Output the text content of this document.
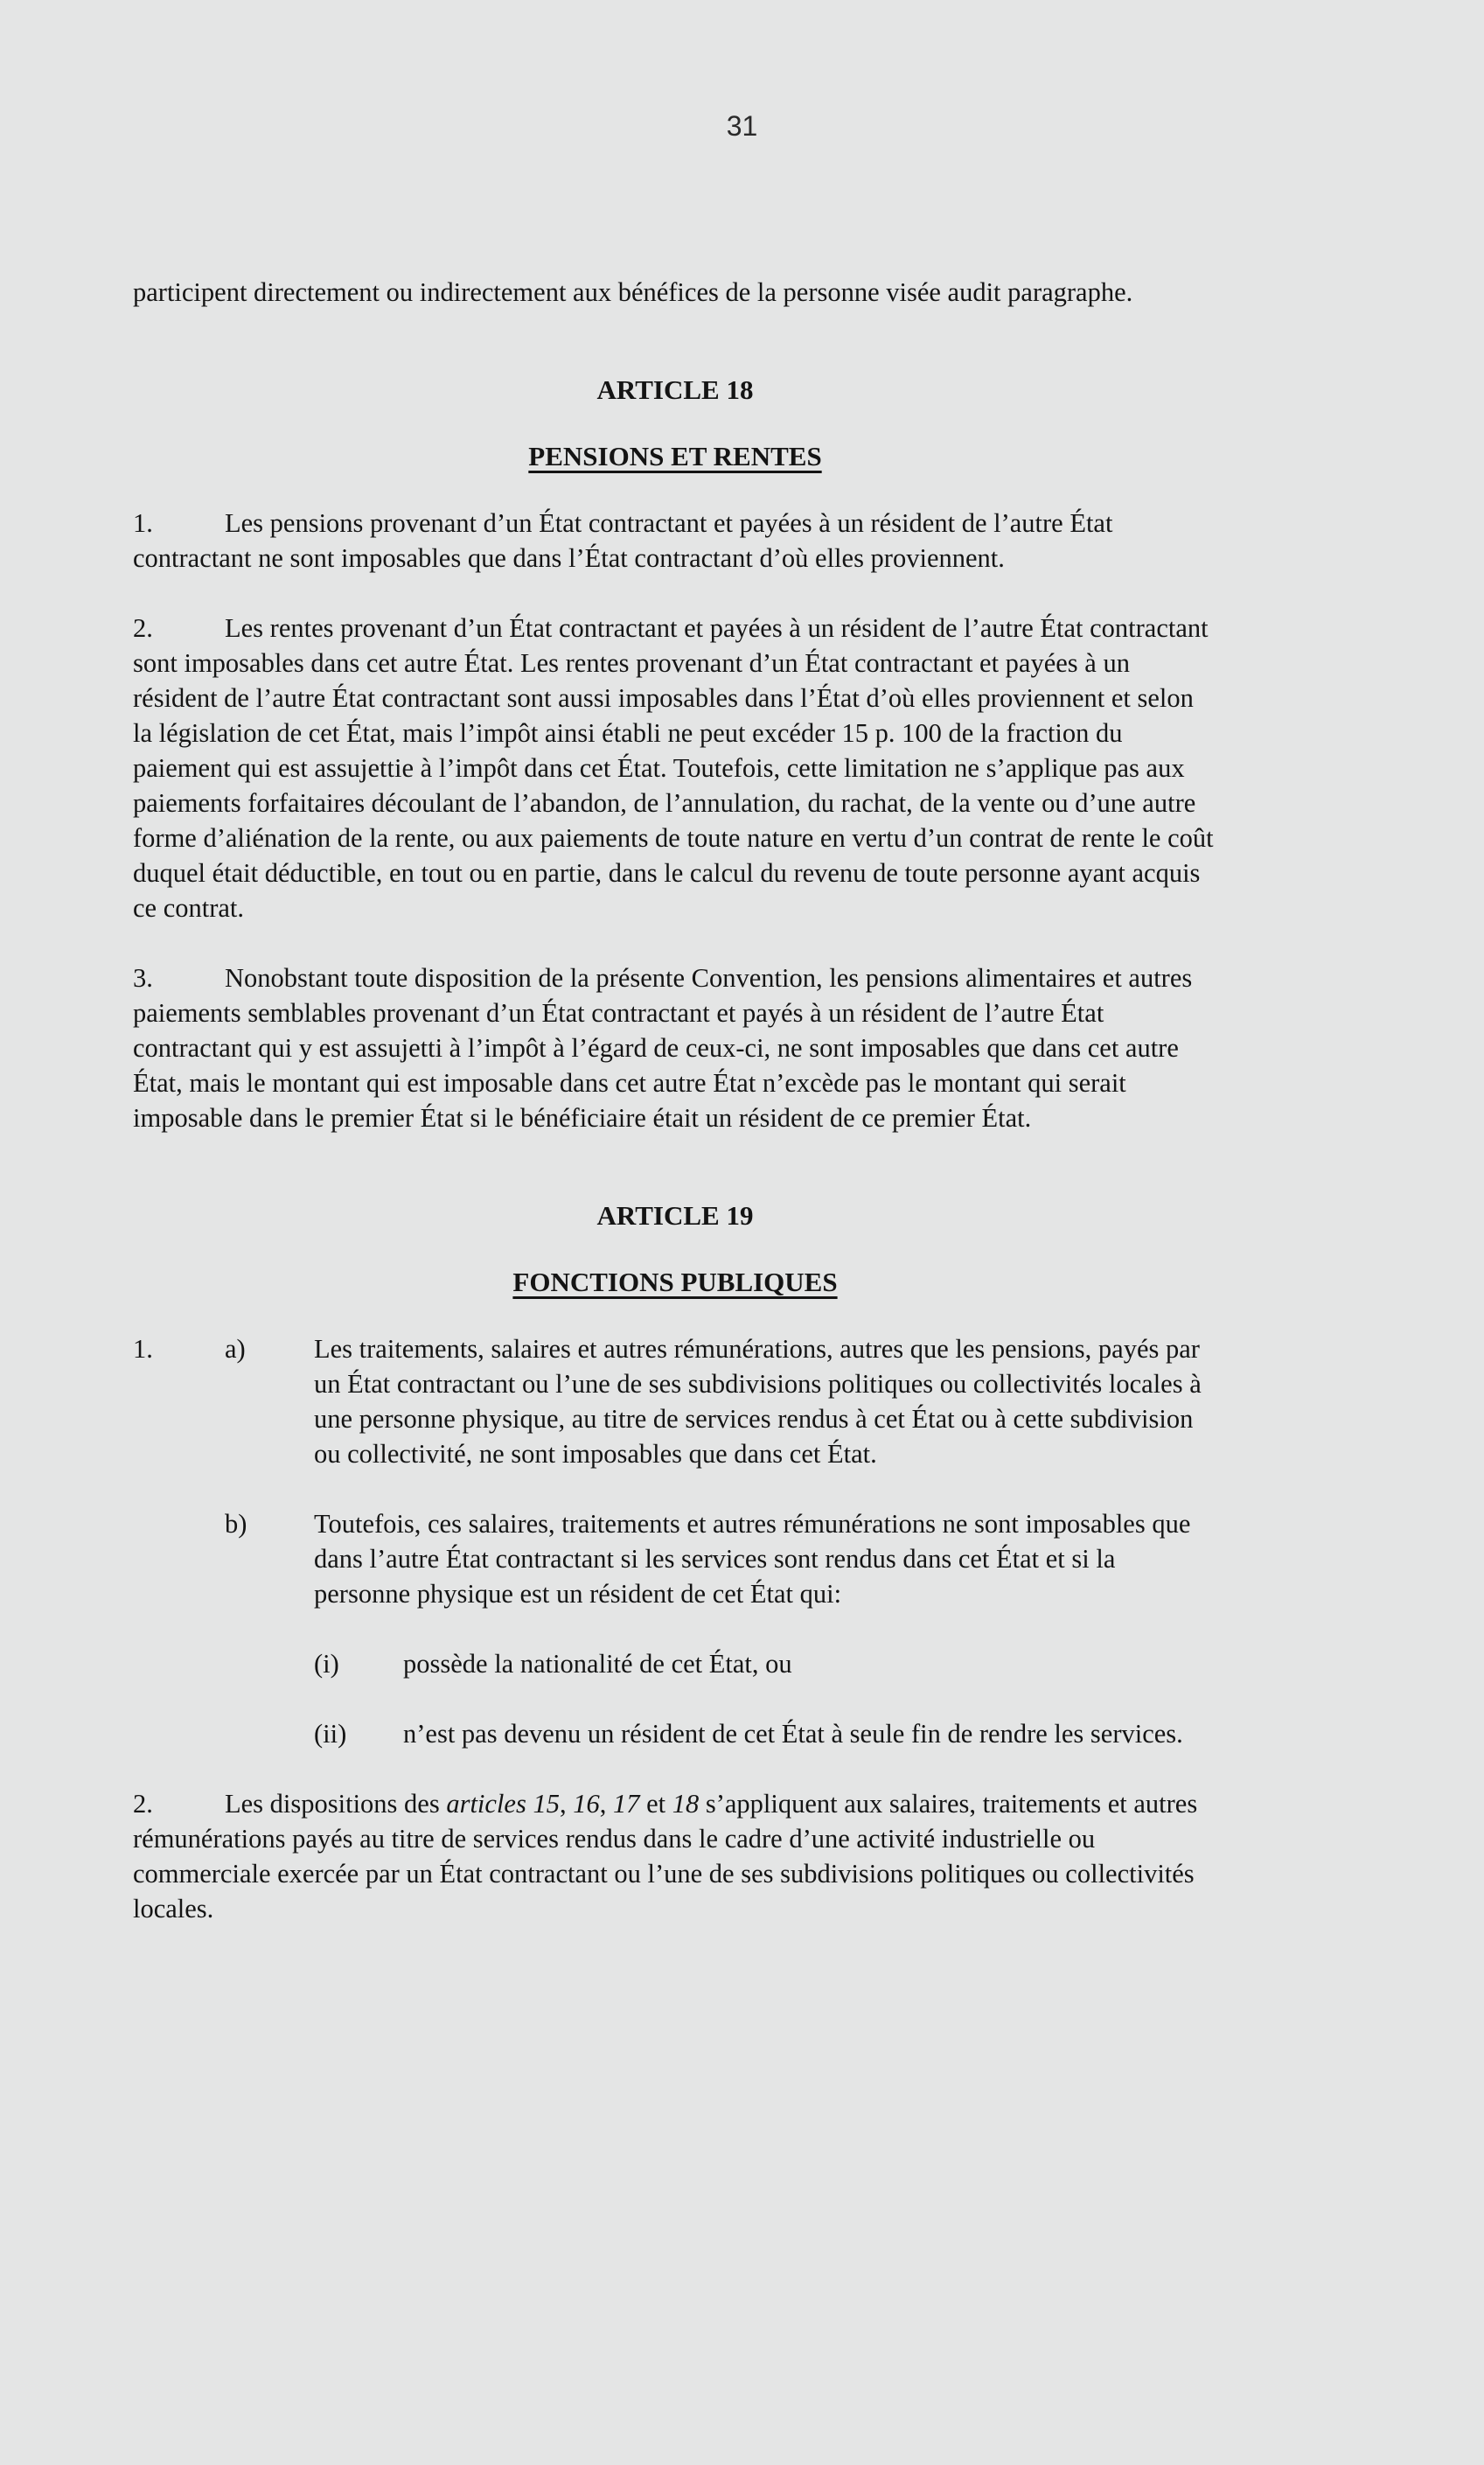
31

participent directement ou indirectement aux bénéfices de la personne visée audit paragraphe.

ARTICLE 18
PENSIONS ET RENTES

1.	Les pensions provenant d’un État contractant et payées à un résident de l’autre État contractant ne sont imposables que dans l’État contractant d’où elles proviennent.

2.	Les rentes provenant d’un État contractant et payées à un résident de l’autre État contractant sont imposables dans cet autre État. Les rentes provenant d’un État contractant et payées à un résident de l’autre État contractant sont aussi imposables dans l’État d’où elles proviennent et selon la législation de cet État, mais l’impôt ainsi établi ne peut excéder 15 p. 100 de la fraction du paiement qui est assujettie à l’impôt dans cet État. Toutefois, cette limitation ne s’applique pas aux paiements forfaitaires découlant de l’abandon, de l’annulation, du rachat, de la vente ou d’une autre forme d’aliénation de la rente, ou aux paiements de toute nature en vertu d’un contrat de rente le coût duquel était déductible, en tout ou en partie, dans le calcul du revenu de toute personne ayant acquis ce contrat.

3.	Nonobstant toute disposition de la présente Convention, les pensions alimentaires et autres paiements semblables provenant d’un État contractant et payés à un résident de l’autre État contractant qui y est assujetti à l’impôt à l’égard de ceux-ci, ne sont imposables que dans cet autre État, mais le montant qui est imposable dans cet autre État n’excède pas le montant qui serait imposable dans le premier État si le bénéficiaire était un résident de ce premier État.

ARTICLE 19
FONCTIONS PUBLIQUES
1.	a)	Les traitements, salaires et autres rémunérations, autres que les pensions, payés par un État contractant ou l’une de ses subdivisions politiques ou collectivités locales à une personne physique, au titre de services rendus à cet État ou à cette subdivision ou collectivité, ne sont imposables que dans cet État.
b)	Toutefois, ces salaires, traitements et autres rémunérations ne sont imposables que dans l’autre État contractant si les services sont rendus dans cet État et si la personne physique est un résident de cet État qui:
(i)	possède la nationalité de cet État, ou
(ii)	n’est pas devenu un résident de cet État à seule fin de rendre les services.

2.	Les dispositions des articles 15, 16, 17 et 18 s’appliquent aux salaires, traitements et autres rémunérations payés au titre de services rendus dans le cadre d’une activité industrielle ou commerciale exercée par un État contractant ou l’une de ses subdivisions politiques ou collectivités locales.
